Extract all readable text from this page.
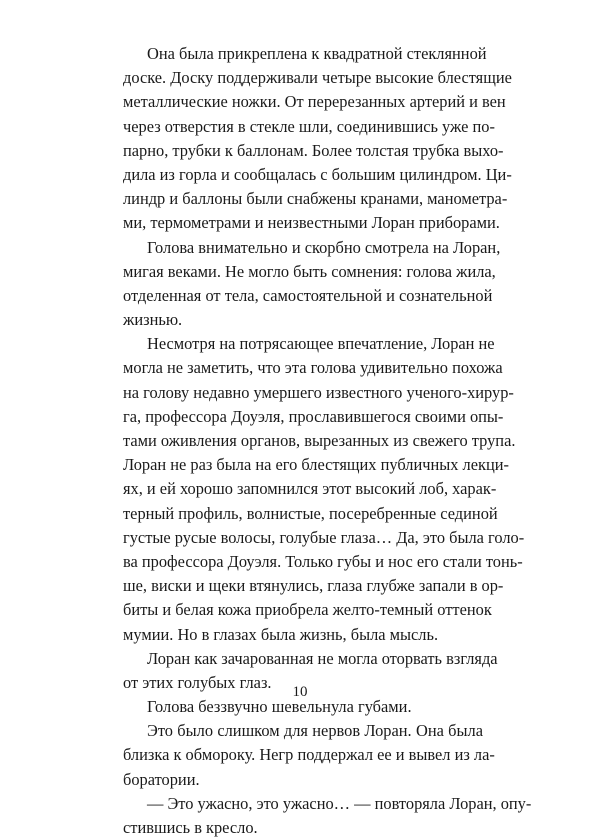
Она была прикреплена к квадратной стеклянной
доске. Доску поддерживали четыре высокие блестящие
металлические ножки. От перерезанных артерий и вен
через отверстия в стекле шли, соединившись уже по-
парно, трубки к баллонам. Более толстая трубка выхо-
дила из горла и сообщалась с большим цилиндром. Ци-
линдр и баллоны были снабжены кранами, манометра-
ми, термометрами и неизвестными Лоран приборами.
Голова внимательно и скорбно смотрела на Лоран,
мигая веками. Не могло быть сомнения: голова жила,
отделенная от тела, самостоятельной и сознательной
жизнью.
Несмотря на потрясающее впечатление, Лоран не
могла не заметить, что эта голова удивительно похожа
на голову недавно умершего известного ученого-хирур-
га, профессора Доуэля, прославившегося своими опы-
тами оживления органов, вырезанных из свежего трупа.
Лоран не раз была на его блестящих публичных лекци-
ях, и ей хорошо запомнился этот высокий лоб, харак-
терный профиль, волнистые, посеребренные сединой
густые русые волосы, голубые глаза… Да, это была голо-
ва профессора Доуэля. Только губы и нос его стали тонь-
ше, виски и щеки втянулись, глаза глубже запали в ор-
биты и белая кожа приобрела желто-темный оттенок
мумии. Но в глазах была жизнь, была мысль.
Лоран как зачарованная не могла оторвать взгляда
от этих голубых глаз.
Голова беззвучно шевельнула губами.
Это было слишком для нервов Лоран. Она была
близка к обмороку. Негр поддержал ее и вывел из ла-
боратории.
— Это ужасно, это ужасно… — повторяла Лоран, опу-
стившись в кресло.
10
